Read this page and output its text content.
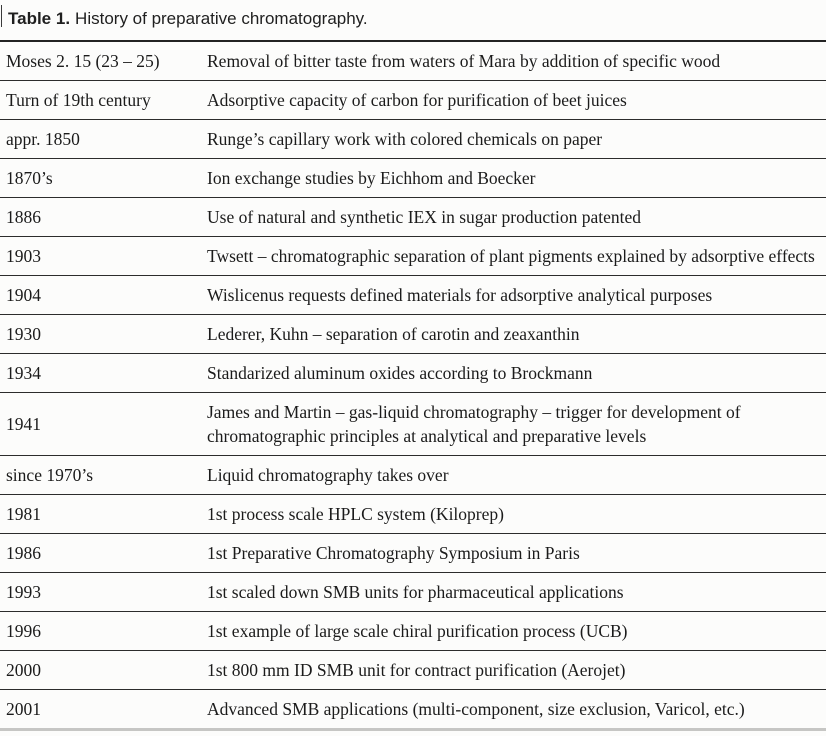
Table 1. History of preparative chromatography.
Moses 2. 15 (23 – 25)	Removal of bitter taste from waters of Mara by addition of specific wood
Turn of 19th century	Adsorptive capacity of carbon for purification of beet juices
appr. 1850	Runge’s capillary work with colored chemicals on paper
1870’s	Ion exchange studies by Eichhom and Boecker
1886	Use of natural and synthetic IEX in sugar production patented
1903	Twsett – chromatographic separation of plant pigments explained by adsorptive effects
1904	Wislicenus requests defined materials for adsorptive analytical purposes
1930	Lederer, Kuhn – separation of carotin and zeaxanthin
1934	Standarized aluminum oxides according to Brockmann
1941	James and Martin – gas-liquid chromatography – trigger for development of chromatographic principles at analytical and preparative levels
since 1970’s	Liquid chromatography takes over
1981	1st process scale HPLC system (Kiloprep)
1986	1st Preparative Chromatography Symposium in Paris
1993	1st scaled down SMB units for pharmaceutical applications
1996	1st example of large scale chiral purification process (UCB)
2000	1st 800 mm ID SMB unit for contract purification (Aerojet)
2001	Advanced SMB applications (multi-component, size exclusion, Varicol, etc.)
